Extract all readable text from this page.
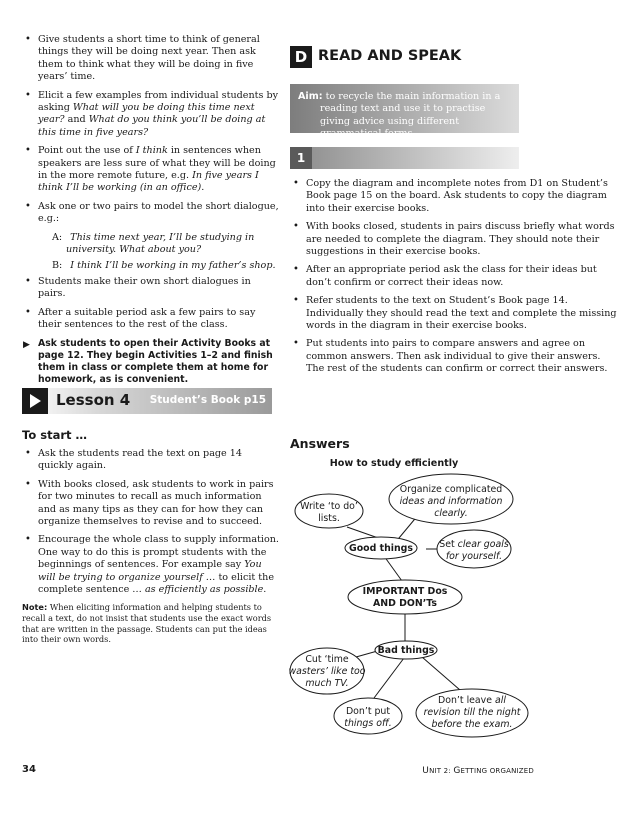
• Give students a short time to think of general things they will be doing next year. Then ask them to think what they will be doing in five years’ time.
• Elicit a few examples from individual students by asking What will you be doing this time next year? and What do you think you’ll be doing at this time in five years?
• Point out the use of I think in sentences when speakers are less sure of what they will be doing in the more remote future, e.g. In five years I think I’ll be working (in an office).
• Ask one or two pairs to model the short dialogue, e.g.:

A: This time next year, I’ll be studying in university. What about you?

B: I think I’ll be working in my father’s shop.

• Students make their own short dialogues in pairs.
• After a suitable period ask a few pairs to say their sentences to the rest of the class.
▶ Ask students to open their Activity Books at page 12. They begin Activities 1–2 and finish them in class or complete them at home for homework, as is convenient.
Lesson 4 Student’s Book p15
To start …
• Ask the students read the text on page 14 quickly again.
• With books closed, ask students to work in pairs for two minutes to recall as much information and as many tips as they can for how they can organize themselves to revise and to succeed.
• Encourage the whole class to supply information. One way to do this is prompt students with the beginnings of sentences. For example say You will be trying to organize yourself … to elicit the complete sentence … as efficiently as possible.
Note: When eliciting information and helping students to recall a text, do not insist that students use the exact words that are written in the passage. Students can put the ideas into their own words.
D READ AND SPEAK
Aim: to recycle the main information in a
reading text and use it to practise giving advice using different grammatical forms.
1
• Copy the diagram and incomplete notes from D1 on Student’s Book page 15 on the board. Ask students to copy the diagram into their exercise books.
• With books closed, students in pairs discuss briefly what words are needed to complete the diagram. They should note their suggestions in their exercise books.
• After an appropriate period ask the class for their ideas but don’t confirm or correct their ideas now.
• Refer students to the text on Student’s Book page 14. Individually they should read the text and complete the missing words in the diagram in their exercise books.
• Put students into pairs to compare answers and agree on common answers. Then ask individual to give their answers. The rest of the students can confirm or correct their answers.
Answers
How to study efficiently
Write ‘to do’
lists.
Organize complicated
ideas and information
clearly.
Good things	Set clear goals
for yourself.
IMPORTANT Dos
AND DON’Ts
Bad things
Cut ‘time
wasters’ like too
much TV.
Don’t put
things off.
Don’t leave all
revision till the night
before the exam.
34	UNIT 2: GETTING ORGANIZED
